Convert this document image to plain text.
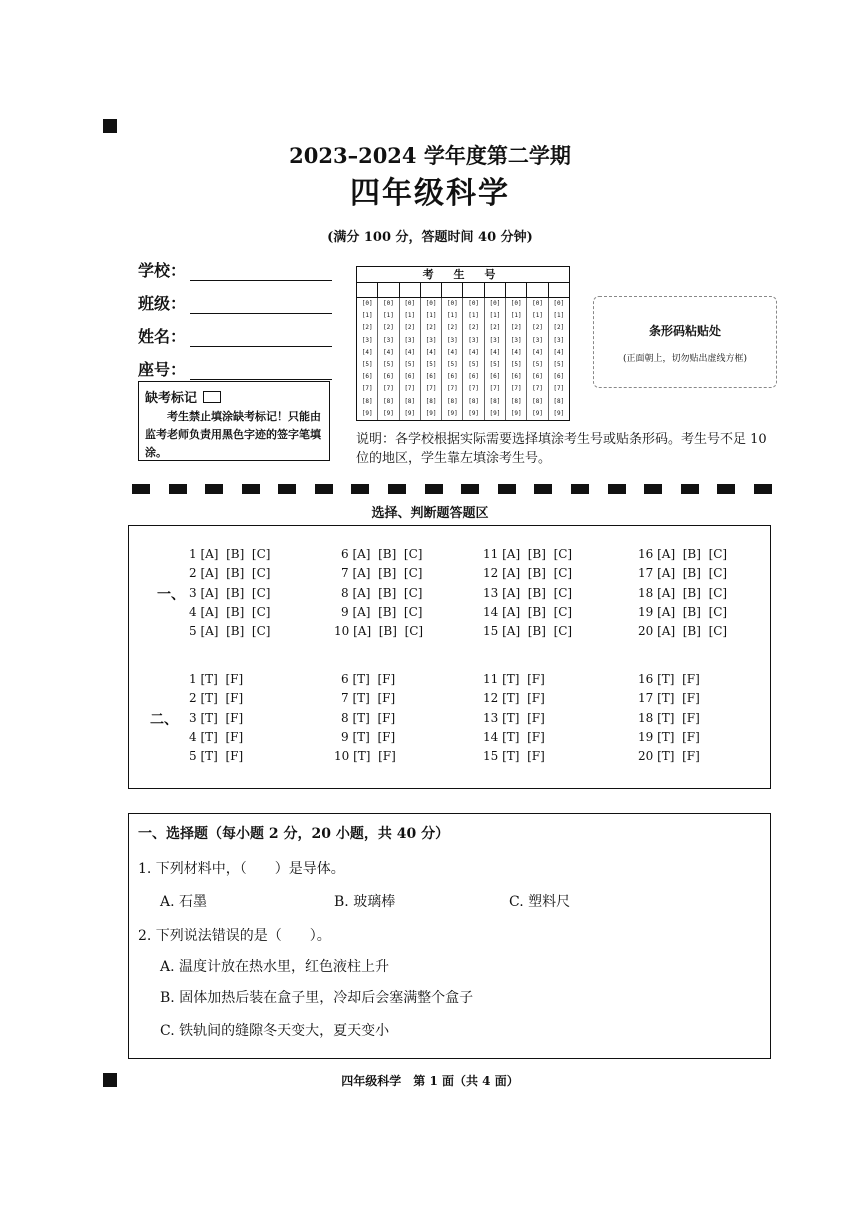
2023–2024 学年度第二学期
四年级科学
(满分 100 分，答题时间 40 分钟)
学校：
班级：
姓名：
座号：
缺考标记
考生禁止填涂缺考标记！只能由监考老师负责用黑色字迹的签字笔填涂。
考 生 号
[0]
[1]
[2]
[3]
[4]
[5]
[6]
[7]
[8]
[9]
[0]
[1]
[2]
[3]
[4]
[5]
[6]
[7]
[8]
[9]
[0]
[1]
[2]
[3]
[4]
[5]
[6]
[7]
[8]
[9]
[0]
[1]
[2]
[3]
[4]
[5]
[6]
[7]
[8]
[9]
[0]
[1]
[2]
[3]
[4]
[5]
[6]
[7]
[8]
[9]
[0]
[1]
[2]
[3]
[4]
[5]
[6]
[7]
[8]
[9]
[0]
[1]
[2]
[3]
[4]
[5]
[6]
[7]
[8]
[9]
[0]
[1]
[2]
[3]
[4]
[5]
[6]
[7]
[8]
[9]
[0]
[1]
[2]
[3]
[4]
[5]
[6]
[7]
[8]
[9]
[0]
[1]
[2]
[3]
[4]
[5]
[6]
[7]
[8]
[9]
条形码粘贴处
(正面朝上，切勿贴出虚线方框)
说明：各学校根据实际需要选择填涂考生号或贴条形码。考生号不足 10 位的地区，学生靠左填涂考生号。
选择、判断题答题区
一、
二、
1 [A]  [B]  [C]
1 [T]  [F]
2 [A]  [B]  [C]
2 [T]  [F]
3 [A]  [B]  [C]
3 [T]  [F]
4 [A]  [B]  [C]
4 [T]  [F]
5 [A]  [B]  [C]
5 [T]  [F]
6 [A]  [B]  [C]
6 [T]  [F]
7 [A]  [B]  [C]
7 [T]  [F]
8 [A]  [B]  [C]
8 [T]  [F]
9 [A]  [B]  [C]
9 [T]  [F]
10 [A]  [B]  [C]
10 [T]  [F]
11 [A]  [B]  [C]
11 [T]  [F]
12 [A]  [B]  [C]
12 [T]  [F]
13 [A]  [B]  [C]
13 [T]  [F]
14 [A]  [B]  [C]
14 [T]  [F]
15 [A]  [B]  [C]
15 [T]  [F]
16 [A]  [B]  [C]
16 [T]  [F]
17 [A]  [B]  [C]
17 [T]  [F]
18 [A]  [B]  [C]
18 [T]  [F]
19 [A]  [B]  [C]
19 [T]  [F]
20 [A]  [B]  [C]
20 [T]  [F]
一、选择题（每小题 2 分，20 小题，共 40 分）
1. 下列材料中，（　　）是导体。
A. 石墨	B. 玻璃棒	C. 塑料尺
2. 下列说法错误的是（　　）。
A. 温度计放在热水里，红色液柱上升
B. 固体加热后装在盒子里，冷却后会塞满整个盒子
C. 铁轨间的缝隙冬天变大，夏天变小
四年级科学　第 1 面（共 4 面）
